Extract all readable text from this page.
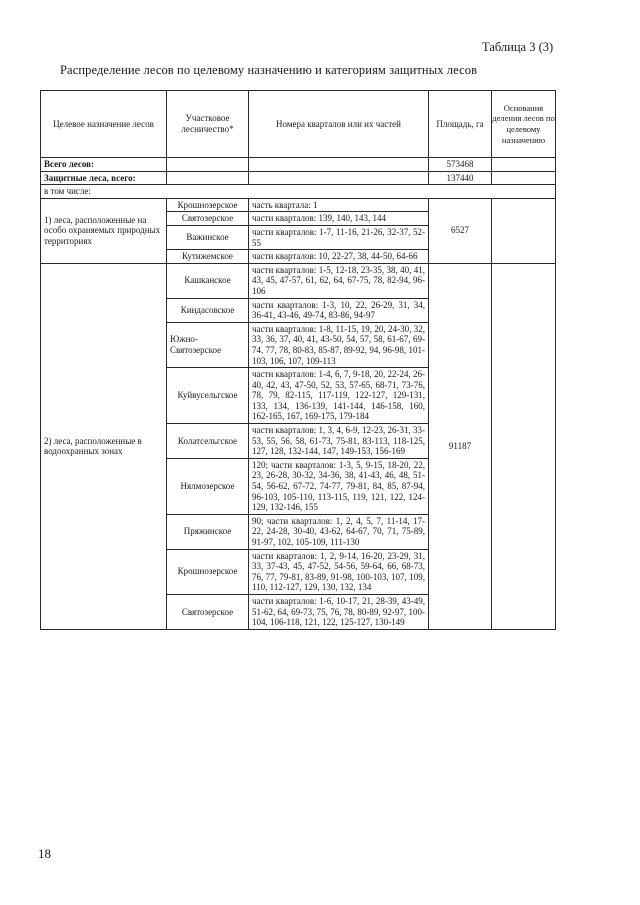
Таблица 3 (3)
Распределение лесов по целевому назначению и категориям защитных лесов
Целевое назначение лесов	Участковое лесничество*	Номера кварталов или их частей	Площадь, га	Основания деления лесов по целевому назначению
Всего лесов:			573468	
Защитные леса, всего:			137440	
в том числе:				
1) леса, расположенные на особо охраняемых природных территориях	Крошнозерское	часть квартала: 1	6527	
	Святозерское	части кварталов: 139, 140, 143, 144		
	Важинское	части кварталов: 1-7, 11-16, 21-26, 32-37, 52-55		
	Кутижемское	части кварталов: 10, 22-27, 38, 44-50, 64-66		
2) леса, расположенные в водоохранных зонах	Кашканское	части кварталов: 1-5, 12-18, 23-35, 38, 40, 41, 43, 45, 47-57, 61, 62, 64, 67-75, 78, 82-94, 96-106	91187	
	Киндасовское	части кварталов: 1-3, 10, 22, 26-29, 31, 34, 36-41, 43-46, 49-74, 83-86, 94-97		
	Южно-Святозерское	части кварталов: 1-8, 11-15, 19, 20, 24-30, 32, 33, 36, 37, 40, 41, 43-50, 54, 57, 58, 61-67, 69-74, 77, 78, 80-83, 85-87, 89-92, 94, 96-98, 101-103, 106, 107, 109-113		
	Куйвусельгское	части кварталов: 1-4, 6, 7, 9-18, 20, 22-24, 26-40, 42, 43, 47-50, 52, 53, 57-65, 68-71, 73-76, 78, 79, 82-115, 117-119, 122-127, 129-131, 133, 134, 136-139, 141-144, 146-158, 160, 162-165, 167, 169-175, 179-184		
	Колатсельгское	части кварталов: 1, 3, 4, 6-9, 12-23, 26-31, 33-53, 55, 56, 58, 61-73, 75-81, 83-113, 118-125, 127, 128, 132-144, 147, 149-153, 156-169		
	Нялмозерское	120; части кварталов: 1-3, 5, 9-15, 18-20, 22, 23, 26-28, 30-32, 34-36, 38, 41-43, 46, 48, 51-54, 56-62, 67-72, 74-77, 79-81, 84, 85, 87-94, 96-103, 105-110, 113-115, 119, 121, 122, 124-129, 132-146, 155		
	Пряжинское	90; части кварталов: 1, 2, 4, 5, 7, 11-14, 17-22, 24-28, 30-40, 43-62, 64-67, 70, 71, 75-89, 91-97, 102, 105-109, 111-130		
	Крошнозерское	части кварталов: 1, 2, 9-14, 16-20, 23-29, 31, 33, 37-43, 45, 47-52, 54-56, 59-64, 66, 68-73, 76, 77, 79-81, 83-89, 91-98, 100-103, 107, 109, 110, 112-127, 129, 130, 132, 134		
	Святозерское	части кварталов: 1-6, 10-17, 21, 28-39, 43-49, 51-62, 64, 69-73, 75, 76, 78, 80-89, 92-97, 100-104, 106-118, 121, 122, 125-127, 130-149		
18
